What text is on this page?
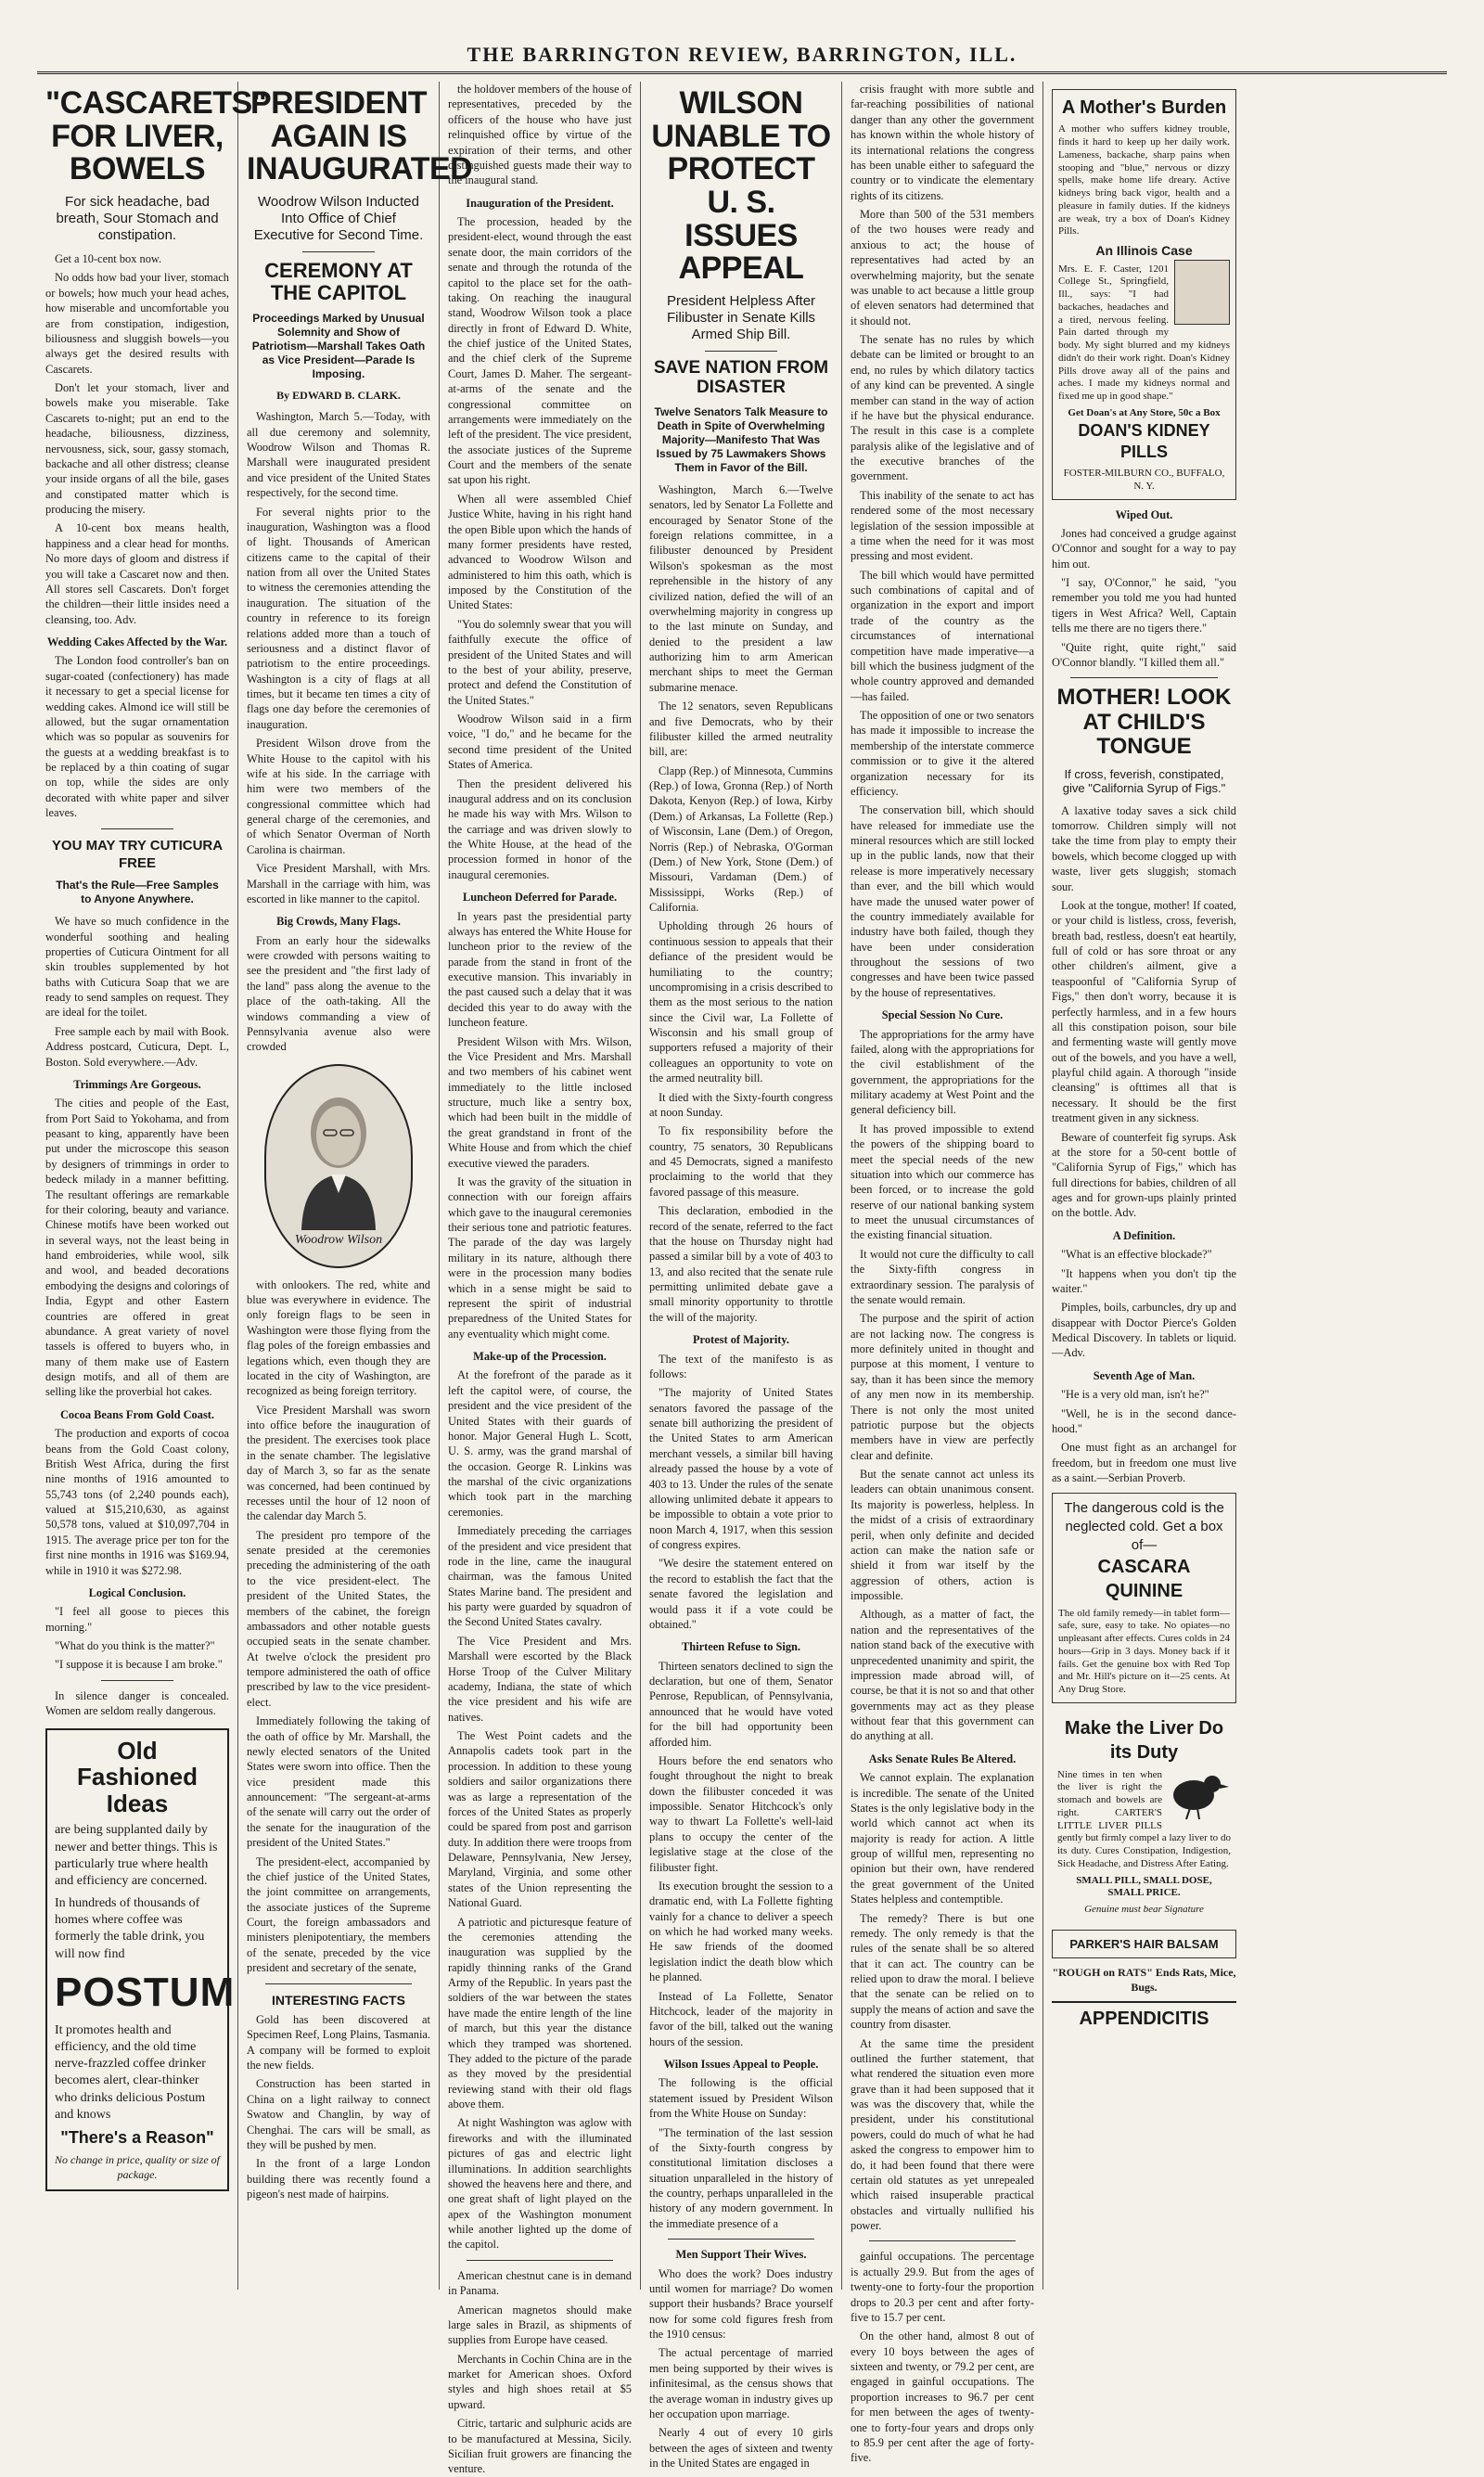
THE BARRINGTON REVIEW, BARRINGTON, ILL.
"CASCARETS" FOR LIVER, BOWELS
For sick headache, bad breath, Sour Stomach and constipation.

Get a 10-cent box now.

No odds how bad your liver, stomach or bowels; how much your head aches, how miserable and uncomfortable you are from constipation, indigestion, biliousness and sluggish bowels—you always get the desired results with Cascarets.

Don't let your stomach, liver and bowels make you miserable. Take Cascarets to-night; put an end to the headache, biliousness, dizziness, nervousness, sick, sour, gassy stomach, backache and all other distress; cleanse your inside organs of all the bile, gases and constipated matter which is producing the misery.

A 10-cent box means health, happiness and a clear head for months. No more days of gloom and distress if you will take a Cascaret now and then. All stores sell Cascarets. Don't forget the children—their little insides need a cleansing, too. Adv.

Wedding Cakes Affected by the War.

The London food controller's ban on sugar-coated (confectionery) has made it necessary to get a special license for wedding cakes. Almond ice will still be allowed, but the sugar ornamentation which was so popular as souvenirs for the guests at a wedding breakfast is to be replaced by a thin coating of sugar on top, while the sides are only decorated with white paper and silver leaves.

YOU MAY TRY CUTICURA FREE
That's the Rule—Free Samples to Anyone Anywhere.

We have so much confidence in the wonderful soothing and healing properties of Cuticura Ointment for all skin troubles supplemented by hot baths with Cuticura Soap that we are ready to send samples on request. They are ideal for the toilet.

Free sample each by mail with Book. Address postcard, Cuticura, Dept. L, Boston. Sold everywhere.—Adv.

Trimmings Are Gorgeous.

The cities and people of the East, from Port Said to Yokohama, and from peasant to king, apparently have been put under the microscope this season by designers of trimmings in order to bedeck milady in a manner befitting. The resultant offerings are remarkable for their coloring, beauty and variance. Chinese motifs have been worked out in several ways, not the least being in hand embroideries, while wool, silk and wool, and beaded decorations embodying the designs and colorings of India, Egypt and other Eastern countries are offered in great abundance. A great variety of novel tassels is offered to buyers who, in many of them make use of Eastern design motifs, and all of them are selling like the proverbial hot cakes.

Cocoa Beans From Gold Coast.

The production and exports of cocoa beans from the Gold Coast colony, British West Africa, during the first nine months of 1916 amounted to 55,743 tons (of 2,240 pounds each), valued at $15,210,630, as against 50,578 tons, valued at $10,097,704 in 1915. The average price per ton for the first nine months in 1916 was $169.94, while in 1910 it was $272.98.

Logical Conclusion.

"I feel all goose to pieces this morning."

"What do you think is the matter?"

"I suppose it is because I am broke."

In silence danger is concealed. Women are seldom really dangerous.

Old Fashioned
Ideas
are being supplanted daily by newer and better things. This is particularly true where health and efficiency are concerned.
In hundreds of thousands of homes where coffee was formerly the table drink, you will now find
POSTUM
It promotes health and efficiency, and the old time nerve-frazzled coffee drinker becomes alert, clear-thinker who drinks delicious Postum and knows
"There's a Reason"
No change in price, quality or size of package.
PRESIDENT AGAIN IS INAUGURATED
Woodrow Wilson Inducted Into Office of Chief Executive for Second Time.
CEREMONY AT THE CAPITOL
Proceedings Marked by Unusual Solemnity and Show of Patriotism—Marshall Takes Oath as Vice President—Parade Is Imposing.
By EDWARD B. CLARK.

Washington, March 5.—Today, with all due ceremony and solemnity, Woodrow Wilson and Thomas R. Marshall were inaugurated president and vice president of the United States respectively, for the second time.

For several nights prior to the inauguration, Washington was a flood of light. Thousands of American citizens came to the capital of their nation from all over the United States to witness the ceremonies attending the inauguration. The situation of the country in reference to its foreign relations added more than a touch of seriousness and a distinct flavor of patriotism to the entire proceedings. Washington is a city of flags at all times, but it became ten times a city of flags one day before the ceremonies of inauguration.

President Wilson drove from the White House to the capitol with his wife at his side. In the carriage with him were two members of the congressional committee which had general charge of the ceremonies, and of which Senator Overman of North Carolina is chairman.

Vice President Marshall, with Mrs. Marshall in the carriage with him, was escorted in like manner to the capitol.

Big Crowds, Many Flags.

From an early hour the sidewalks were crowded with persons waiting to see the president and "the first lady of the land" pass along the avenue to the place of the oath-taking. All the windows commanding a view of Pennsylvania avenue also were crowded

Woodrow Wilson

with onlookers. The red, white and blue was everywhere in evidence. The only foreign flags to be seen in Washington were those flying from the flag poles of the foreign embassies and legations which, even though they are located in the city of Washington, are recognized as being foreign territory.

Vice President Marshall was sworn into office before the inauguration of the president. The exercises took place in the senate chamber. The legislative day of March 3, so far as the senate was concerned, had been continued by recesses until the hour of 12 noon of the calendar day March 5.

The president pro tempore of the senate presided at the ceremonies preceding the administering of the oath to the vice president-elect. The president of the United States, the members of the cabinet, the foreign ambassadors and other notable guests occupied seats in the senate chamber. At twelve o'clock the president pro tempore administered the oath of office prescribed by law to the vice president-elect.

Immediately following the taking of the oath of office by Mr. Marshall, the newly elected senators of the United States were sworn into office. Then the vice president made this announcement: "The sergeant-at-arms of the senate will carry out the order of the senate for the inauguration of the president of the United States."

The president-elect, accompanied by the chief justice of the United States, the joint committee on arrangements, the associate justices of the Supreme Court, the foreign ambassadors and ministers plenipotentiary, the members of the senate, preceded by the vice president and secretary of the senate,

INTERESTING FACTS

Gold has been discovered at Specimen Reef, Long Plains, Tasmania. A company will be formed to exploit the new fields.

Construction has been started in China on a light railway to connect Swatow and Changlin, by way of Chenghai. The cars will be small, as they will be pushed by men.

In the front of a large London building there was recently found a pigeon's nest made of hairpins.

the holdover members of the house of representatives, preceded by the officers of the house who have just relinquished office by virtue of the expiration of their terms, and other distinguished guests made their way to the inaugural stand.

Inauguration of the President.

The procession, headed by the president-elect, wound through the east senate door, the main corridors of the senate and through the rotunda of the capitol to the place set for the oath-taking. On reaching the inaugural stand, Woodrow Wilson took a place directly in front of Edward D. White, the chief justice of the United States, and the chief clerk of the Supreme Court, James D. Maher. The sergeant-at-arms of the senate and the congressional committee on arrangements were immediately on the left of the president. The vice president, the associate justices of the Supreme Court and the members of the senate sat upon his right.

When all were assembled Chief Justice White, having in his right hand the open Bible upon which the hands of many former presidents have rested, advanced to Woodrow Wilson and administered to him this oath, which is imposed by the Constitution of the United States:

"You do solemnly swear that you will faithfully execute the office of president of the United States and will to the best of your ability, preserve, protect and defend the Constitution of the United States."

Woodrow Wilson said in a firm voice, "I do," and he became for the second time president of the United States of America.

Then the president delivered his inaugural address and on its conclusion he made his way with Mrs. Wilson to the carriage and was driven slowly to the White House, at the head of the procession formed in honor of the inaugural ceremonies.

Luncheon Deferred for Parade.

In years past the presidential party always has entered the White House for luncheon prior to the review of the parade from the stand in front of the executive mansion. This invariably in the past caused such a delay that it was decided this year to do away with the luncheon feature.

President Wilson with Mrs. Wilson, the Vice President and Mrs. Marshall and two members of his cabinet went immediately to the little inclosed structure, much like a sentry box, which had been built in the middle of the great grandstand in front of the White House and from which the chief executive viewed the paraders.

It was the gravity of the situation in connection with our foreign affairs which gave to the inaugural ceremonies their serious tone and patriotic features. The parade of the day was largely military in its nature, although there were in the procession many bodies which in a sense might be said to represent the spirit of industrial preparedness of the United States for any eventuality which might come.

Make-up of the Procession.

At the forefront of the parade as it left the capitol were, of course, the president and the vice president of the United States with their guards of honor. Major General Hugh L. Scott, U. S. army, was the grand marshal of the occasion. George R. Linkins was the marshal of the civic organizations which took part in the marching ceremonies.

Immediately preceding the carriages of the president and vice president that rode in the line, came the inaugural chairman, was the famous United States Marine band. The president and his party were guarded by squadron of the Second United States cavalry.

The Vice President and Mrs. Marshall were escorted by the Black Horse Troop of the Culver Military academy, Indiana, the state of which the vice president and his wife are natives.

The West Point cadets and the Annapolis cadets took part in the procession. In addition to these young soldiers and sailor organizations there was as large a representation of the forces of the United States as properly could be spared from post and garrison duty. In addition there were troops from Delaware, Pennsylvania, New Jersey, Maryland, Virginia, and some other states of the Union representing the National Guard.

A patriotic and picturesque feature of the ceremonies attending the inauguration was supplied by the rapidly thinning ranks of the Grand Army of the Republic. In years past the soldiers of the war between the states have made the entire length of the line of march, but this year the distance which they tramped was shortened. They added to the picture of the parade as they moved by the presidential reviewing stand with their old flags above them.

At night Washington was aglow with fireworks and with the illuminated pictures of gas and electric light illuminations. In addition searchlights showed the heavens here and there, and one great shaft of light played on the apex of the Washington monument while another lighted up the dome of the capitol.

American chestnut cane is in demand in Panama.

American magnetos should make large sales in Brazil, as shipments of supplies from Europe have ceased.

Merchants in Cochin China are in the market for American shoes. Oxford styles and high shoes retail at $5 upward.

Citric, tartaric and sulphuric acids are to be manufactured at Messina, Sicily. Sicilian fruit growers are financing the venture.

WILSON UNABLE TO PROTECT U. S. ISSUES APPEAL
President Helpless After Filibuster in Senate Kills Armed Ship Bill.
SAVE NATION FROM DISASTER
Twelve Senators Talk Measure to Death in Spite of Overwhelming Majority—Manifesto That Was Issued by 75 Lawmakers Shows Them in Favor of the Bill.

Washington, March 6.—Twelve senators, led by Senator La Follette and encouraged by Senator Stone of the foreign relations committee, in a filibuster denounced by President Wilson's spokesman as the most reprehensible in the history of any civilized nation, defied the will of an overwhelming majority in congress up to the last minute on Sunday, and denied to the president a law authorizing him to arm American merchant ships to meet the German submarine menace.

The 12 senators, seven Republicans and five Democrats, who by their filibuster killed the armed neutrality bill, are:

Clapp (Rep.) of Minnesota, Cummins (Rep.) of Iowa, Gronna (Rep.) of North Dakota, Kenyon (Rep.) of Iowa, Kirby (Dem.) of Arkansas, La Follette (Rep.) of Wisconsin, Lane (Dem.) of Oregon, Norris (Rep.) of Nebraska, O'Gorman (Dem.) of New York, Stone (Dem.) of Missouri, Vardaman (Dem.) of Mississippi, Works (Rep.) of California.

Upholding through 26 hours of continuous session to appeals that their defiance of the president would be humiliating to the country; uncompromising in a crisis described to them as the most serious to the nation since the Civil war, La Follette of Wisconsin and his small group of supporters refused a majority of their colleagues an opportunity to vote on the armed neutrality bill.

It died with the Sixty-fourth congress at noon Sunday.

To fix responsibility before the country, 75 senators, 30 Republicans and 45 Democrats, signed a manifesto proclaiming to the world that they favored passage of this measure.

This declaration, embodied in the record of the senate, referred to the fact that the house on Thursday night had passed a similar bill by a vote of 403 to 13, and also recited that the senate rule permitting unlimited debate gave a small minority opportunity to throttle the will of the majority.

Protest of Majority.

The text of the manifesto is as follows:

"The majority of United States senators favored the passage of the senate bill authorizing the president of the United States to arm American merchant vessels, a similar bill having already passed the house by a vote of 403 to 13. Under the rules of the senate allowing unlimited debate it appears to be impossible to obtain a vote prior to noon March 4, 1917, when this session of congress expires.

"We desire the statement entered on the record to establish the fact that the senate favored the legislation and would pass it if a vote could be obtained."

Thirteen Refuse to Sign.

Thirteen senators declined to sign the declaration, but one of them, Senator Penrose, Republican, of Pennsylvania, announced that he would have voted for the bill had opportunity been afforded him.

Hours before the end senators who fought throughout the night to break down the filibuster conceded it was impossible. Senator Hitchcock's only way to thwart La Follette's well-laid plans to occupy the center of the legislative stage at the close of the filibuster fight.

Its execution brought the session to a dramatic end, with La Follette fighting vainly for a chance to deliver a speech on which he had worked many weeks. He saw friends of the doomed legislation indict the death blow which he planned.

Instead of La Follette, Senator Hitchcock, leader of the majority in favor of the bill, talked out the waning hours of the session.

Wilson Issues Appeal to People.

The following is the official statement issued by President Wilson from the White House on Sunday:

"The termination of the last session of the Sixty-fourth congress by constitutional limitation discloses a situation unparalleled in the history of the country, perhaps unparalleled in the history of any modern government. In the immediate presence of a

Men Support Their Wives.

Who does the work? Does industry until women for marriage? Do women support their husbands? Brace yourself now for some cold figures fresh from the 1910 census:

The actual percentage of married men being supported by their wives is infinitesimal, as the census shows that the average woman in industry gives up her occupation upon marriage.

Nearly 4 out of every 10 girls between the ages of sixteen and twenty in the United States are engaged in

crisis fraught with more subtle and far-reaching possibilities of national danger than any other the government has known within the whole history of its international relations the congress has been unable either to safeguard the country or to vindicate the elementary rights of its citizens.

More than 500 of the 531 members of the two houses were ready and anxious to act; the house of representatives had acted by an overwhelming majority, but the senate was unable to act because a little group of eleven senators had determined that it should not.

The senate has no rules by which debate can be limited or brought to an end, no rules by which dilatory tactics of any kind can be prevented. A single member can stand in the way of action if he have but the physical endurance. The result in this case is a complete paralysis alike of the legislative and of the executive branches of the government.

This inability of the senate to act has rendered some of the most necessary legislation of the session impossible at a time when the need for it was most pressing and most evident.

The bill which would have permitted such combinations of capital and of organization in the export and import trade of the country as the circumstances of international competition have made imperative—a bill which the business judgment of the whole country approved and demanded—has failed.

The opposition of one or two senators has made it impossible to increase the membership of the interstate commerce commission or to give it the altered organization necessary for its efficiency.

The conservation bill, which should have released for immediate use the mineral resources which are still locked up in the public lands, now that their release is more imperatively necessary than ever, and the bill which would have made the unused water power of the country immediately available for industry have both failed, though they have been under consideration throughout the sessions of two congresses and have been twice passed by the house of representatives.

Special Session No Cure.

The appropriations for the army have failed, along with the appropriations for the civil establishment of the government, the appropriations for the military academy at West Point and the general deficiency bill.

It has proved impossible to extend the powers of the shipping board to meet the special needs of the new situation into which our commerce has been forced, or to increase the gold reserve of our national banking system to meet the unusual circumstances of the existing financial situation.

It would not cure the difficulty to call the Sixty-fifth congress in extraordinary session. The paralysis of the senate would remain.

The purpose and the spirit of action are not lacking now. The congress is more definitely united in thought and purpose at this moment, I venture to say, than it has been since the memory of any men now in its membership. There is not only the most united patriotic purpose but the objects members have in view are perfectly clear and definite.

But the senate cannot act unless its leaders can obtain unanimous consent. Its majority is powerless, helpless. In the midst of a crisis of extraordinary peril, when only definite and decided action can make the nation safe or shield it from war itself by the aggression of others, action is impossible.

Although, as a matter of fact, the nation and the representatives of the nation stand back of the executive with unprecedented unanimity and spirit, the impression made abroad will, of course, be that it is not so and that other governments may act as they please without fear that this government can do anything at all.

Asks Senate Rules Be Altered.

We cannot explain. The explanation is incredible. The senate of the United States is the only legislative body in the world which cannot act when its majority is ready for action. A little group of willful men, representing no opinion but their own, have rendered the great government of the United States helpless and contemptible.

The remedy? There is but one remedy. The only remedy is that the rules of the senate shall be so altered that it can act. The country can be relied upon to draw the moral. I believe that the senate can be relied on to supply the means of action and save the country from disaster.

At the same time the president outlined the further statement, that what rendered the situation even more grave than it had been supposed that it was was the discovery that, while the president, under his constitutional powers, could do much of what he had asked the congress to empower him to do, it had been found that there were certain old statutes as yet unrepealed which raised insuperable practical obstacles and virtually nullified his power.

gainful occupations. The percentage is actually 29.9. But from the ages of twenty-one to forty-four the proportion drops to 20.3 per cent and after forty-five to 15.7 per cent.

On the other hand, almost 8 out of every 10 boys between the ages of sixteen and twenty, or 79.2 per cent, are engaged in gainful occupations. The proportion increases to 96.7 per cent for men between the ages of twenty-one to forty-four years and drops only to 85.9 per cent after the age of forty-five.

A Mother's Burden
A mother who suffers kidney trouble, finds it hard to keep up her daily work. Lameness, backache, sharp pains when stooping and "blue," nervous or dizzy spells, make home life dreary. Active kidneys bring back vigor, health and a pleasure in family duties. If the kidneys are weak, try a box of Doan's Kidney Pills.
An Illinois Case
Mrs. E. F. Caster, 1201 College St., Springfield, Ill., says: "I had backaches, headaches and a tired, nervous feeling. Pain darted through my body. My sight blurred and my kidneys didn't do their work right. Doan's Kidney Pills drove away all of the pains and aches. I made my kidneys normal and fixed me up in good shape."
Get Doan's at Any Store, 50c a Box
DOAN'S KIDNEY PILLS
FOSTER-MILBURN CO., BUFFALO, N. Y.
Wiped Out.

Jones had conceived a grudge against O'Connor and sought for a way to pay him out.

"I say, O'Connor," he said, "you remember you told me you had hunted tigers in West Africa? Well, Captain tells me there are no tigers there."

"Quite right, quite right," said O'Connor blandly. "I killed them all."

MOTHER! LOOK AT CHILD'S TONGUE
If cross, feverish, constipated, give "California Syrup of Figs."

A laxative today saves a sick child tomorrow. Children simply will not take the time from play to empty their bowels, which become clogged up with waste, liver gets sluggish; stomach sour.

Look at the tongue, mother! If coated, or your child is listless, cross, feverish, breath bad, restless, doesn't eat heartily, full of cold or has sore throat or any other children's ailment, give a teaspoonful of "California Syrup of Figs," then don't worry, because it is perfectly harmless, and in a few hours all this constipation poison, sour bile and fermenting waste will gently move out of the bowels, and you have a well, playful child again. A thorough "inside cleansing" is ofttimes all that is necessary. It should be the first treatment given in any sickness.

Beware of counterfeit fig syrups. Ask at the store for a 50-cent bottle of "California Syrup of Figs," which has full directions for babies, children of all ages and for grown-ups plainly printed on the bottle. Adv.

A Definition.

"What is an effective blockade?"

"It happens when you don't tip the waiter."

Pimples, boils, carbuncles, dry up and disappear with Doctor Pierce's Golden Medical Discovery. In tablets or liquid.—Adv.

Seventh Age of Man.

"He is a very old man, isn't he?"

"Well, he is in the second dance-hood."

One must fight as an archangel for freedom, but in freedom one must live as a saint.—Serbian Proverb.

The dangerous cold is the neglected cold. Get a box of—
CASCARA QUININE
The old family remedy—in tablet form—safe, sure, easy to take. No opiates—no unpleasant after effects. Cures colds in 24 hours—Grip in 3 days. Money back if it fails. Get the genuine box with Red Top and Mr. Hill's picture on it—25 cents. At Any Drug Store.
Make the Liver Do its Duty
Nine times in ten when the liver is right the stomach and bowels are right. CARTER'S LITTLE LIVER PILLS gently but firmly compel a lazy liver to do its duty. Cures Constipation, Indigestion, Sick Headache, and Distress After Eating.
SMALL PILL, SMALL DOSE, SMALL PRICE.
Genuine must bear Signature
PARKER'S HAIR BALSAM
"ROUGH on RATS" Ends Rats, Mice, Bugs.
APPENDICITIS
